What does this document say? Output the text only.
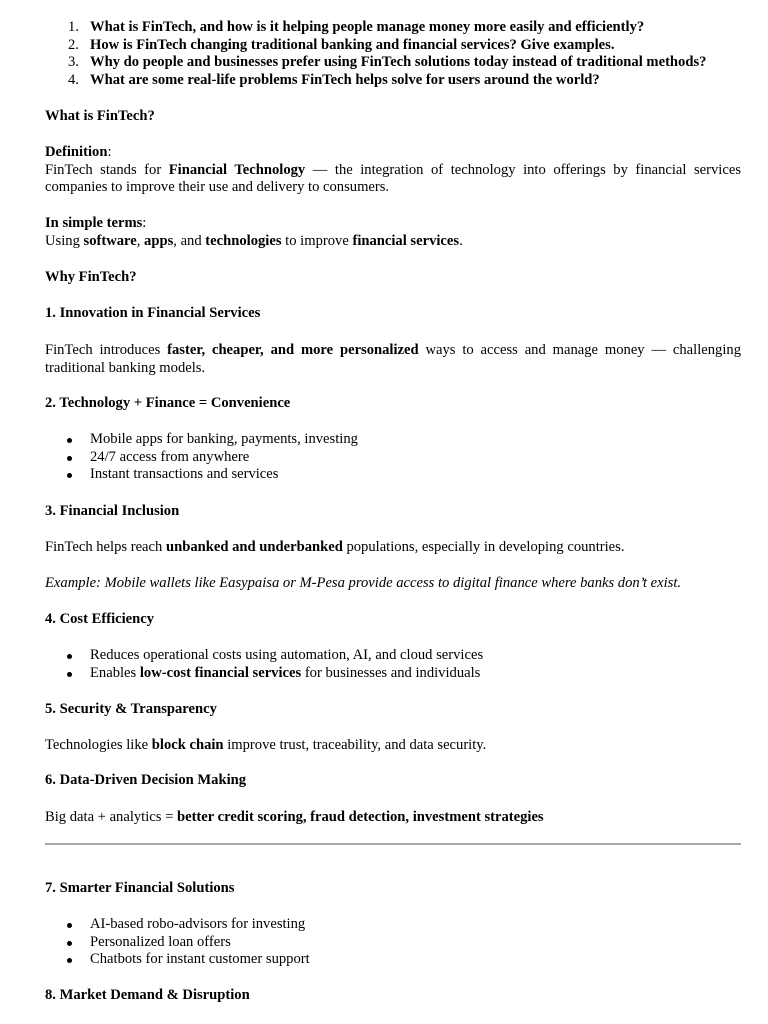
1. What is FinTech, and how is it helping people manage money more easily and efficiently?
2. How is FinTech changing traditional banking and financial services? Give examples.
3. Why do people and businesses prefer using FinTech solutions today instead of traditional methods?
4. What are some real-life problems FinTech helps solve for users around the world?

What is FinTech?

Definition:
FinTech stands for Financial Technology — the integration of technology into offerings by financial services companies to improve their use and delivery to consumers.

In simple terms:
Using software, apps, and technologies to improve financial services.

Why FinTech?

1. Innovation in Financial Services

FinTech introduces faster, cheaper, and more personalized ways to access and manage money — challenging traditional banking models.

2. Technology + Finance = Convenience

Mobile apps for banking, payments, investing
24/7 access from anywhere
Instant transactions and services

3. Financial Inclusion

FinTech helps reach unbanked and underbanked populations, especially in developing countries.

Example: Mobile wallets like Easypaisa or M-Pesa provide access to digital finance where banks don’t exist.

4. Cost Efficiency

Reduces operational costs using automation, AI, and cloud services
Enables low-cost financial services for businesses and individuals

5. Security & Transparency

Technologies like block chain improve trust, traceability, and data security.

6. Data-Driven Decision Making

Big data + analytics = better credit scoring, fraud detection, investment strategies

7. Smarter Financial Solutions

AI-based robo-advisors for investing
Personalized loan offers
Chatbots for instant customer support

8. Market Demand & Disruption
